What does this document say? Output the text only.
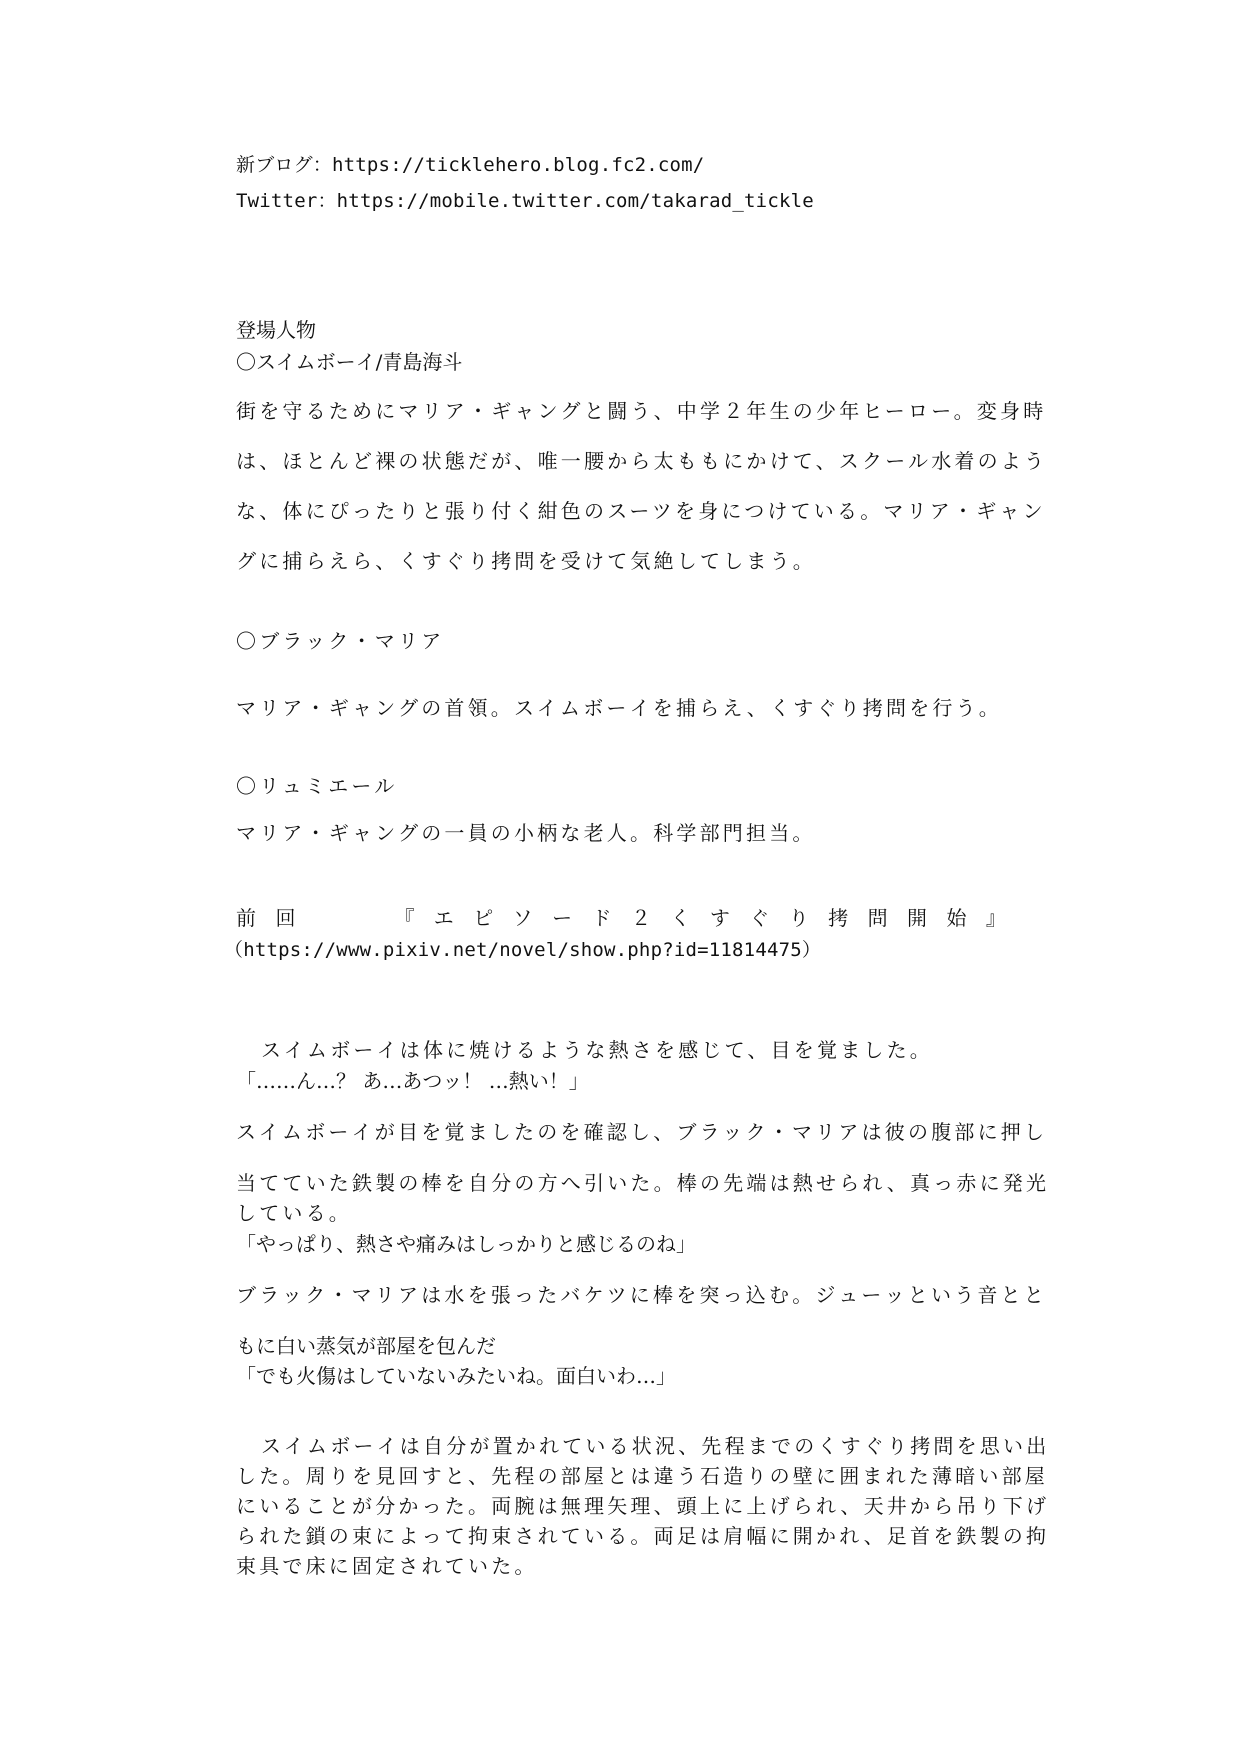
新ブログ：https://ticklehero.blog.fc2.com/
Twitter：https://mobile.twitter.com/takarad_tickle
登場人物
〇スイムボーイ/青島海斗
街を守るためにマリア・ギャングと闘う、中学２年生の少年ヒーロー。変身時
は、ほとんど裸の状態だが、唯一腰から太ももにかけて、スクール水着のよう
な、体にぴったりと張り付く紺色のスーツを身につけている。マリア・ギャン
グに捕らえら、くすぐり拷問を受けて気絶してしまう。
〇ブラック・マリア
マリア・ギャングの首領。スイムボーイを捕らえ、くすぐり拷問を行う。
〇リュミエール
マリア・ギャングの一員の小柄な老人。科学部門担当。
前 回	『 エ ピ ソ ー ド ２ く す ぐ り 拷 問 開 始 』
（https://www.pixiv.net/novel/show.php?id=11814475）
スイムボーイは体に焼けるような熱さを感じて、目を覚ました。
「……ん…？ あ…あつッ！ …熱い！」
スイムボーイが目を覚ましたのを確認し、ブラック・マリアは彼の腹部に押し
当てていた鉄製の棒を自分の方へ引いた。棒の先端は熱せられ、真っ赤に発光
している。
「やっぱり、熱さや痛みはしっかりと感じるのね」
ブラック・マリアは水を張ったバケツに棒を突っ込む。ジューッという音とと
もに白い蒸気が部屋を包んだ
「でも火傷はしていないみたいね。面白いわ…」
スイムボーイは自分が置かれている状況、先程までのくすぐり拷問を思い出
した。周りを見回すと、先程の部屋とは違う石造りの壁に囲まれた薄暗い部屋
にいることが分かった。両腕は無理矢理、頭上に上げられ、天井から吊り下げ
られた鎖の束によって拘束されている。両足は肩幅に開かれ、足首を鉄製の拘
束具で床に固定されていた。
